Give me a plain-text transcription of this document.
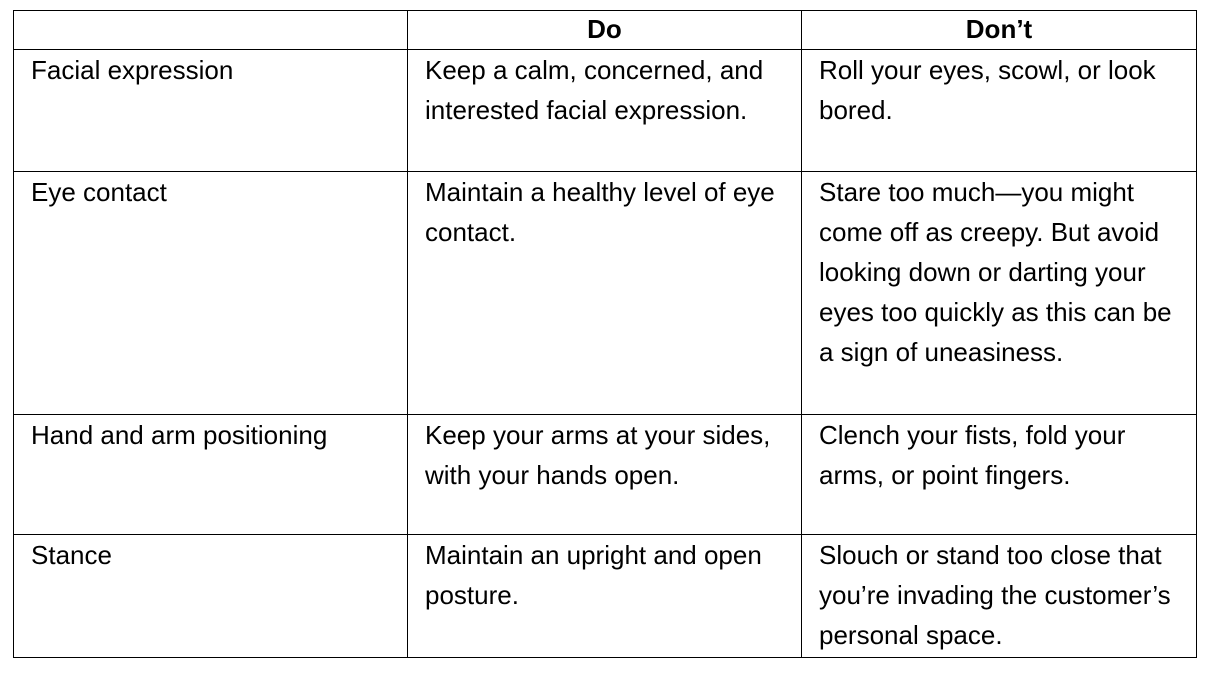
	Do	Don’t

Facial expression	Keep a calm, concerned, and interested facial expression.	Roll your eyes, scowl, or look bored.

Eye contact	Maintain a healthy level of eye contact.	Stare too much—you might come off as creepy. But avoid looking down or darting your eyes too quickly as this can be a sign of uneasiness.

Hand and arm positioning	Keep your arms at your sides, with your hands open.	Clench your fists, fold your arms, or point fingers.

Stance	Maintain an upright and open posture.	Slouch or stand too close that you’re invading the customer’s personal space.
